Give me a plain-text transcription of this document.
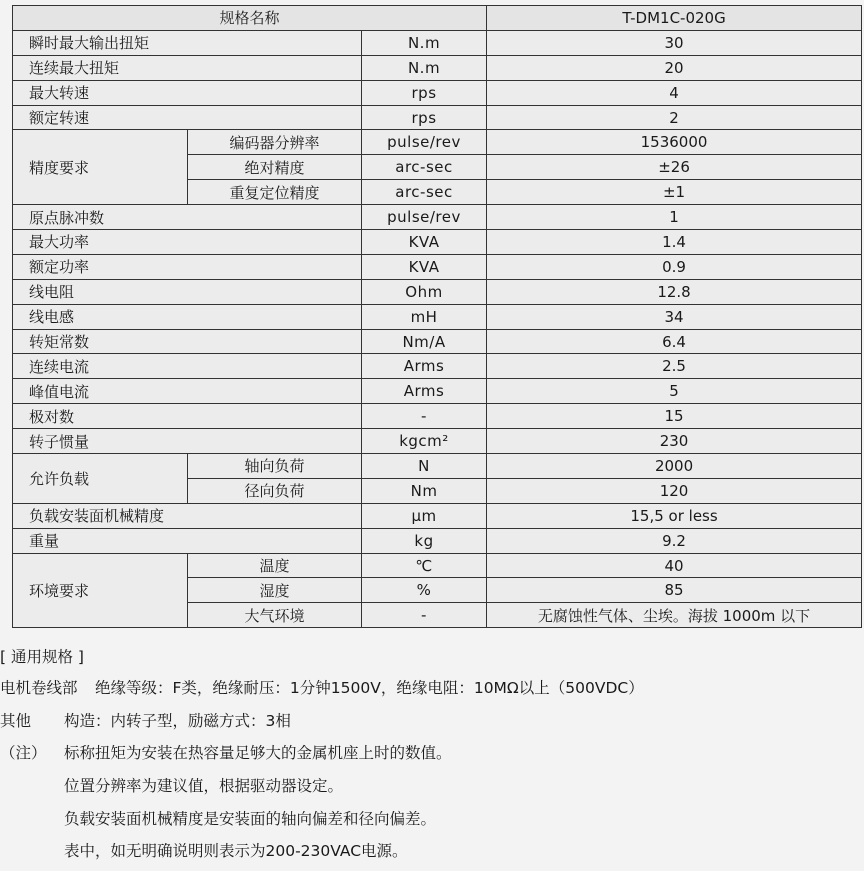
规格名称			T-DM1C-020G
瞬时最大输出扭矩		N.m	30
连续最大扭矩		N.m	20
最大转速		rps	4
额定转速		rps	2
精度要求	编码器分辨率	pulse/rev	1536000
	绝对精度	arc-sec	±26
	重复定位精度	arc-sec	±1
原点脉冲数		pulse/rev	1
最大功率		KVA	1.4
额定功率		KVA	0.9
线电阻		Ohm	12.8
线电感		mH	34
转矩常数		Nm/A	6.4
连续电流		Arms	2.5
峰值电流		Arms	5
极对数		-	15
转子惯量		kgcm²	230
允许负载	轴向负荷	N	2000
	径向负荷	Nm	120
负载安装面机械精度		μm	15,5 or less
重量		kg	9.2
环境要求	温度	℃	40
	湿度	%	85
	大气环境	-	无腐蚀性气体、尘埃。海拔 1000m 以下
[ 通用规格 ]
电机卷线部 绝缘等级：F类，绝缘耐压：1分钟1500V，绝缘电阻：10MΩ以上（500VDC）
其他 构造：内转子型，励磁方式：3相
（注） 标称扭矩为安装在热容量足够大的金属机座上时的数值。
位置分辨率为建议值，根据驱动器设定。
负载安装面机械精度是安装面的轴向偏差和径向偏差。
表中，如无明确说明则表示为200-230VAC电源。
